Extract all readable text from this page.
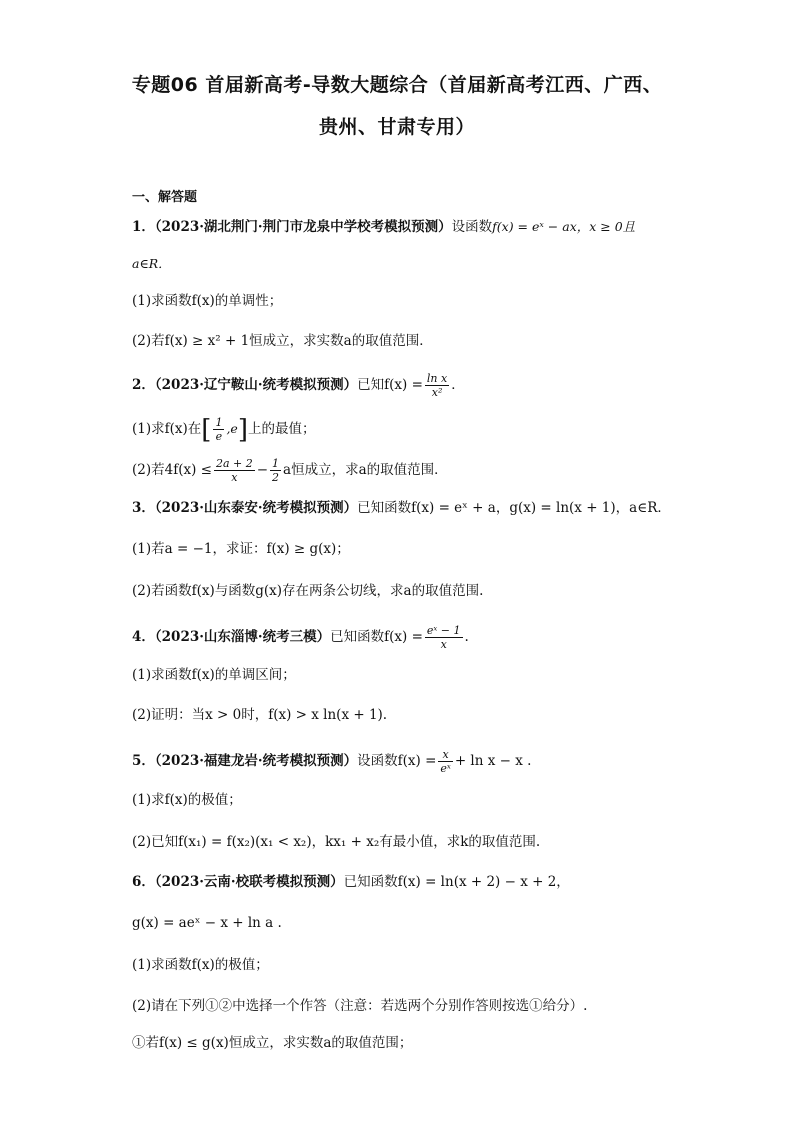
专题06 首届新高考-导数大题综合（首届新高考江西、广西、
贵州、甘肃专用）
一、解答题
1．（2023·湖北荆门·荆门市龙泉中学校考模拟预测）设函数f(x) = eˣ − ax，x ≥ 0且
a∈R．
(1)求函数f(x)的单调性；
(2)若f(x) ≥ x² + 1恒成立，求实数a的取值范围．
2．（2023·辽宁鞍山·统考模拟预测）已知$f(x) = \frac{\text{ln x}}{\text{x²}}$ ．
(1)求f(x)在[ $\frac{1}{e} ,e$]上的最值；
(2)若$4f(x) \le \frac{2a + 2}{x} - \frac{1}{2}$ a恒成立，求a的取值范围．
3．（2023·山东泰安·统考模拟预测）已知函数f(x) = eˣ + a，g(x) = ln(x + 1)，a∈R．
(1)若a = −1，求证：f(x) ≥ g(x)；
(2)若函数f(x)与函数g(x)存在两条公切线，求a的取值范围.
4．（2023·山东淄博·统考三模）已知函数$f(x) = \frac{\text{eˣ − 1}}{x}$ .
(1)求函数f(x)的单调区间；
(2)证明：当x > 0时，f(x) > x ln(x + 1).
5．（2023·福建龙岩·统考模拟预测）设函数$f(x) = \frac{x}{\text{eˣ}} + \ln x - x$ .
(1)求f(x)的极值；
(2)已知f(x₁) = f(x₂)(x₁ < x₂)，kx₁ + x₂有最小值，求k的取值范围.
6．（2023·云南·校联考模拟预测）已知函数f(x) = ln(x + 2) − x + 2，
g(x) = aeˣ − x + ln a .
(1)求函数f(x)的极值；
(2)请在下列①②中选择一个作答（注意：若选两个分别作答则按选①给分）.
①若f(x) ≤ g(x)恒成立，求实数a的取值范围；
